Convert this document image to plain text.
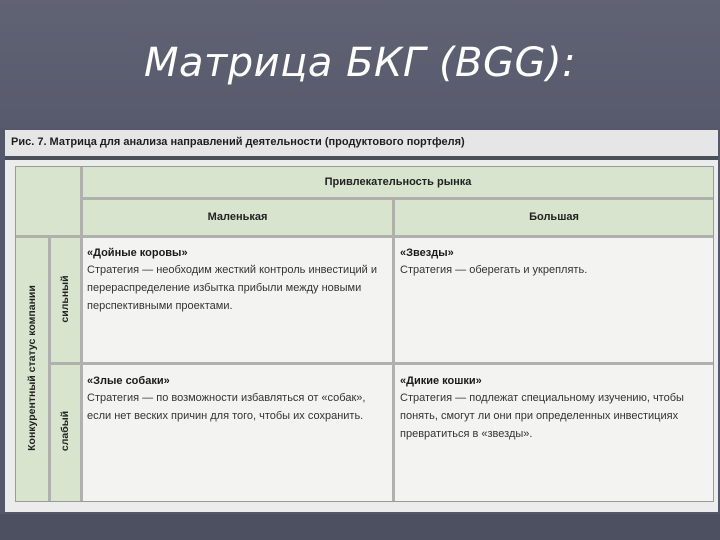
Матрица БКГ (BGG):
Рис. 7. Матрица для анализа направлений деятельности (продуктового портфеля)
Привлекательность рынка
Маленькая	Большая
Конкурентный статус компании сильный
слабый
«Дойные коровы»
Стратегия — необходим жесткий контроль инвестиций и перераспределение избытка прибыли между новыми перспективными проектами.
«Звезды»
Стратегия — оберегать и укреплять.
«Злые собаки»
Стратегия — по возможности избавляться от «собак», если нет веских причин для того, чтобы их сохранить.
«Дикие кошки»
Стратегия — подлежат специальному изучению, чтобы понять, смогут ли они при определенных инвестициях превратиться в «звезды».
